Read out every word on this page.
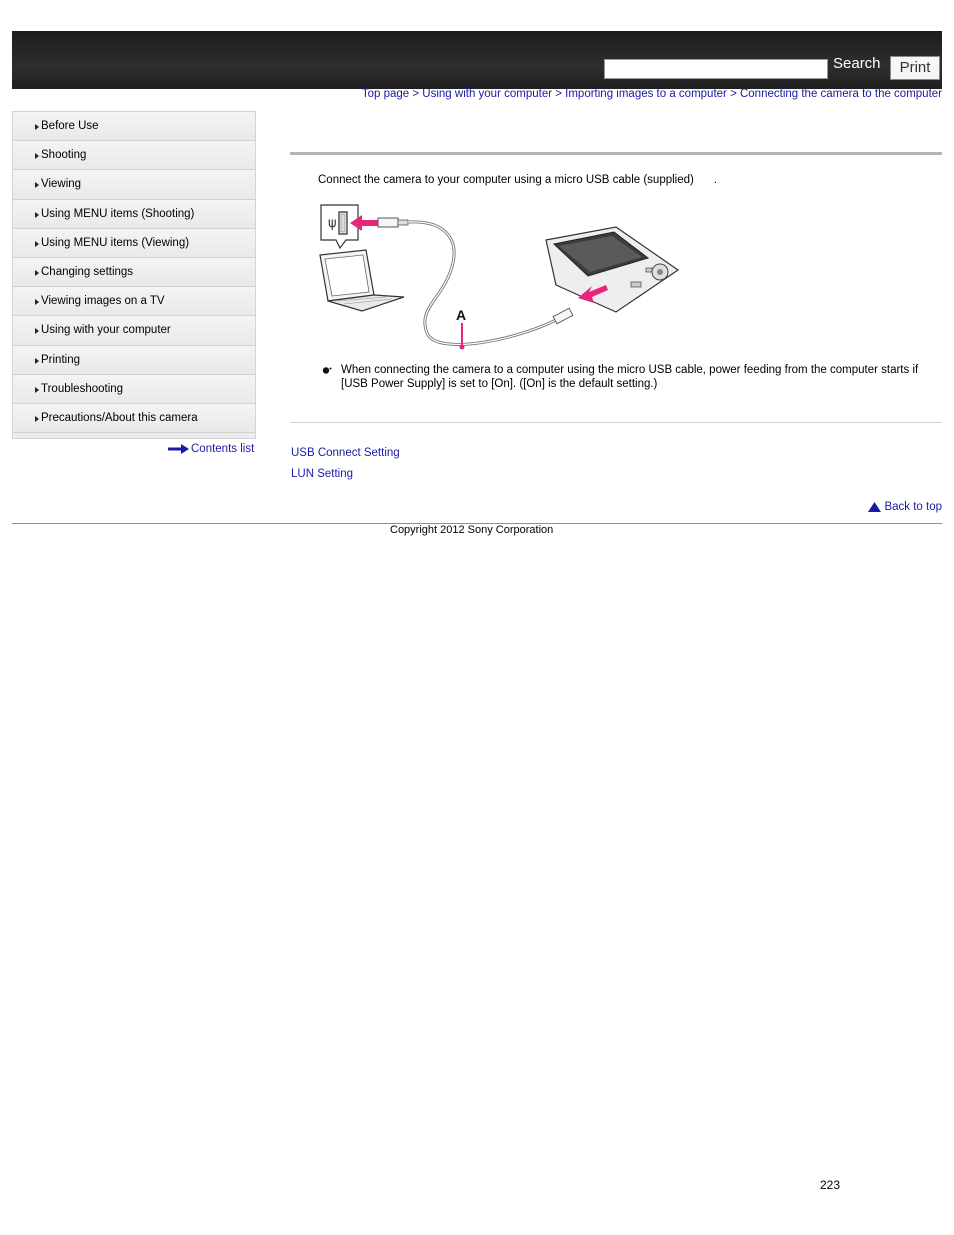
Search	Print
Top page > Using with your computer > Importing images to a computer > Connecting the camera to the computer
Before Use
Shooting
Viewing
Using MENU items (Shooting)
Using MENU items (Viewing)
Changing settings
Viewing images on a TV
Using with your computer
Printing
Troubleshooting
Precautions/About this camera
Contents list
Connect the camera to your computer using a micro USB cable (supplied) .
ψ
A
When connecting the camera to a computer using the micro USB cable, power feeding from the computer starts if [USB Power Supply] is set to [On]. ([On] is the default setting.)
USB Connect Setting
LUN Setting
Back to top
Copyright 2012 Sony Corporation
223
